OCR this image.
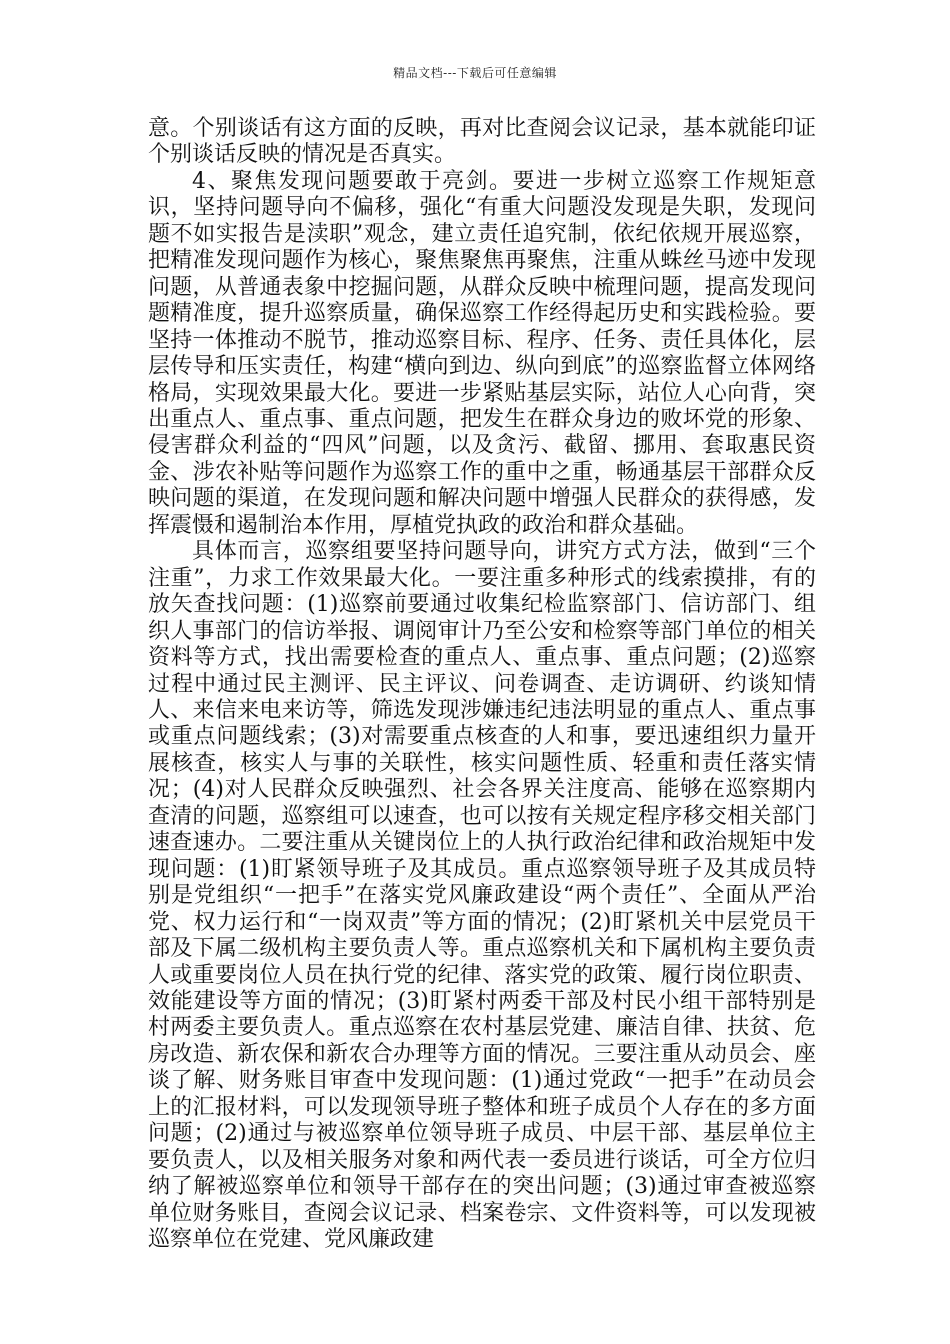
精品文档---下载后可任意编辑

意。个别谈话有这方面的反映，再对比查阅会议记录，基本就能印证个别谈话反映的情况是否真实。

4、聚焦发现问题要敢于亮剑。要进一步树立巡察工作规矩意识，坚持问题导向不偏移，强化“有重大问题没发现是失职，发现问题不如实报告是渎职”观念，建立责任追究制，依纪依规开展巡察，把精准发现问题作为核心，聚焦聚焦再聚焦，注重从蛛丝马迹中发现问题，从普通表象中挖掘问题，从群众反映中梳理问题，提高发现问题精准度，提升巡察质量，确保巡察工作经得起历史和实践检验。要坚持一体推动不脱节，推动巡察目标、程序、任务、责任具体化，层层传导和压实责任，构建“横向到边、纵向到底”的巡察监督立体网络格局，实现效果最大化。要进一步紧贴基层实际，站位人心向背，突出重点人、重点事、重点问题，把发生在群众身边的败坏党的形象、侵害群众利益的“四风”问题，以及贪污、截留、挪用、套取惠民资金、涉农补贴等问题作为巡察工作的重中之重，畅通基层干部群众反映问题的渠道，在发现问题和解决问题中增强人民群众的获得感，发挥震慑和遏制治本作用，厚植党执政的政治和群众基础。

具体而言，巡察组要坚持问题导向，讲究方式方法，做到“三个注重”，力求工作效果最大化。一要注重多种形式的线索摸排，有的放矢查找问题：(1)巡察前要通过收集纪检监察部门、信访部门、组织人事部门的信访举报、调阅审计乃至公安和检察等部门单位的相关资料等方式，找出需要检查的重点人、重点事、重点问题；(2)巡察过程中通过民主测评、民主评议、问卷调查、走访调研、约谈知情人、来信来电来访等，筛选发现涉嫌违纪违法明显的重点人、重点事或重点问题线索；(3)对需要重点核查的人和事，要迅速组织力量开展核查，核实人与事的关联性，核实问题性质、轻重和责任落实情况；(4)对人民群众反映强烈、社会各界关注度高、能够在巡察期内查清的问题，巡察组可以速查，也可以按有关规定程序移交相关部门速查速办。二要注重从关键岗位上的人执行政治纪律和政治规矩中发现问题：(1)盯紧领导班子及其成员。重点巡察领导班子及其成员特别是党组织“一把手”在落实党风廉政建设“两个责任”、全面从严治党、权力运行和“一岗双责”等方面的情况；(2)盯紧机关中层党员干部及下属二级机构主要负责人等。重点巡察机关和下属机构主要负责人或重要岗位人员在执行党的纪律、落实党的政策、履行岗位职责、效能建设等方面的情况；(3)盯紧村两委干部及村民小组干部特别是村两委主要负责人。重点巡察在农村基层党建、廉洁自律、扶贫、危房改造、新农保和新农合办理等方面的情况。三要注重从动员会、座谈了解、财务账目审查中发现问题：(1)通过党政“一把手”在动员会上的汇报材料，可以发现领导班子整体和班子成员个人存在的多方面问题；(2)通过与被巡察单位领导班子成员、中层干部、基层单位主要负责人，以及相关服务对象和两代表一委员进行谈话，可全方位归纳了解被巡察单位和领导干部存在的突出问题；(3)通过审查被巡察单位财务账目，查阅会议记录、档案卷宗、文件资料等，可以发现被巡察单位在党建、党风廉政建
